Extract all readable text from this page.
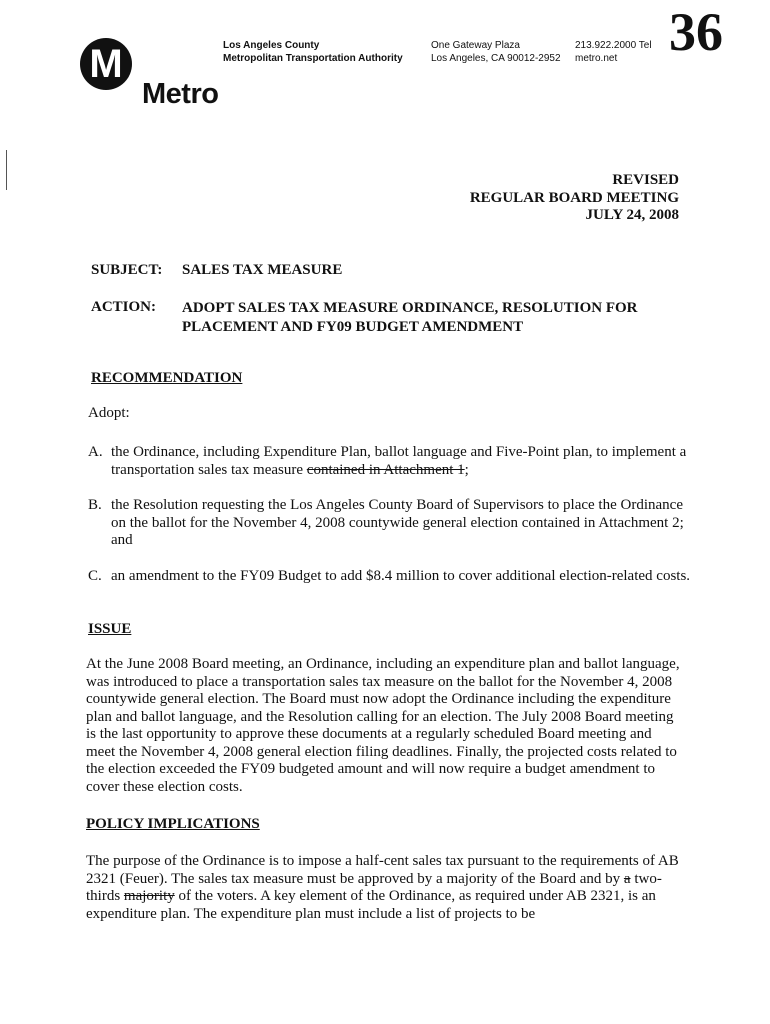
M
Metro
Los Angeles County
Metropolitan Transportation Authority
One Gateway Plaza
Los Angeles, CA 90012-2952
213.922.2000 Tel
metro.net 36
REVISED
REGULAR BOARD MEETING
JULY 24, 2008
SUBJECT: SALES TAX MEASURE
ACTION: ADOPT SALES TAX MEASURE ORDINANCE, RESOLUTION FOR
PLACEMENT AND FY09 BUDGET AMENDMENT
RECOMMENDATION
Adopt:
A. the Ordinance, including Expenditure Plan, ballot language and Five-Point plan, to implement a transportation sales tax measure contained in Attachment 1;
B. the Resolution requesting the Los Angeles County Board of Supervisors to place the Ordinance on the ballot for the November 4, 2008 countywide general election contained in Attachment 2; and
C. an amendment to the FY09 Budget to add $8.4 million to cover additional election-related costs.
ISSUE
At the June 2008 Board meeting, an Ordinance, including an expenditure plan and ballot language, was introduced to place a transportation sales tax measure on the ballot for the November 4, 2008 countywide general election. The Board must now adopt the Ordinance including the expenditure plan and ballot language, and the Resolution calling for an election. The July 2008 Board meeting is the last opportunity to approve these documents at a regularly scheduled Board meeting and meet the November 4, 2008 general election filing deadlines. Finally, the projected costs related to the election exceeded the FY09 budgeted amount and will now require a budget amendment to cover these election costs.
POLICY IMPLICATIONS
The purpose of the Ordinance is to impose a half-cent sales tax pursuant to the requirements of AB 2321 (Feuer). The sales tax measure must be approved by a majority of the Board and by a two-thirds majority of the voters. A key element of the Ordinance, as required under AB 2321, is an expenditure plan. The expenditure plan must include a list of projects to be
